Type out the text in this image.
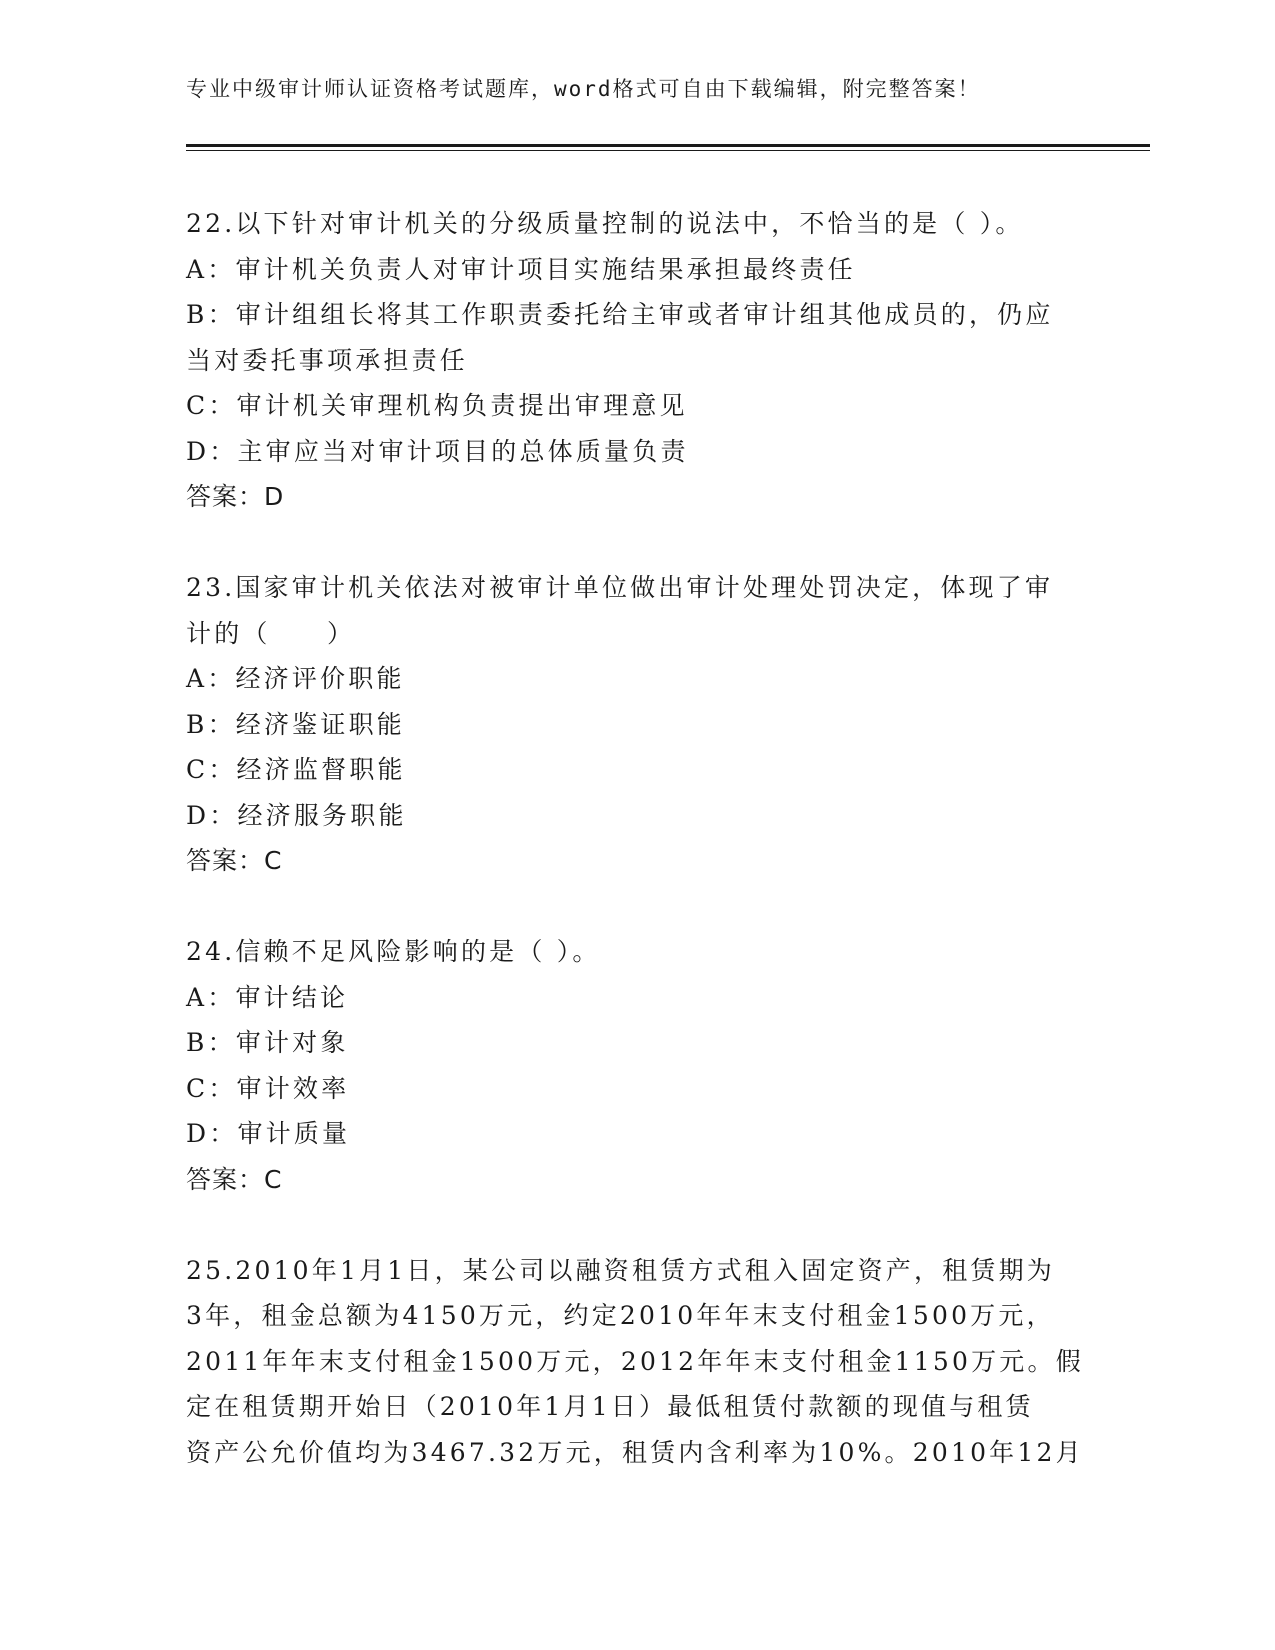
专业中级审计师认证资格考试题库，word格式可自由下载编辑，附完整答案！
22.以下针对审计机关的分级质量控制的说法中，不恰当的是（ ）。
A：审计机关负责人对审计项目实施结果承担最终责任
B：审计组组长将其工作职责委托给主审或者审计组其他成员的，仍应
当对委托事项承担责任
C：审计机关审理机构负责提出审理意见
D：主审应当对审计项目的总体质量负责
答案：D
23.国家审计机关依法对被审计单位做出审计处理处罚决定，体现了审
计的（　　）
A：经济评价职能
B：经济鉴证职能
C：经济监督职能
D：经济服务职能
答案：C
24.信赖不足风险影响的是（ ）。
A：审计结论
B：审计对象
C：审计效率
D：审计质量
答案：C
25.2010年1月1日，某公司以融资租赁方式租入固定资产，租赁期为
3年，租金总额为4150万元，约定2010年年末支付租金1500万元，
2011年年末支付租金1500万元，2012年年末支付租金1150万元。假
定在租赁期开始日（2010年1月1日）最低租赁付款额的现值与租赁
资产公允价值均为3467.32万元，租赁内含利率为10%。2010年12月
